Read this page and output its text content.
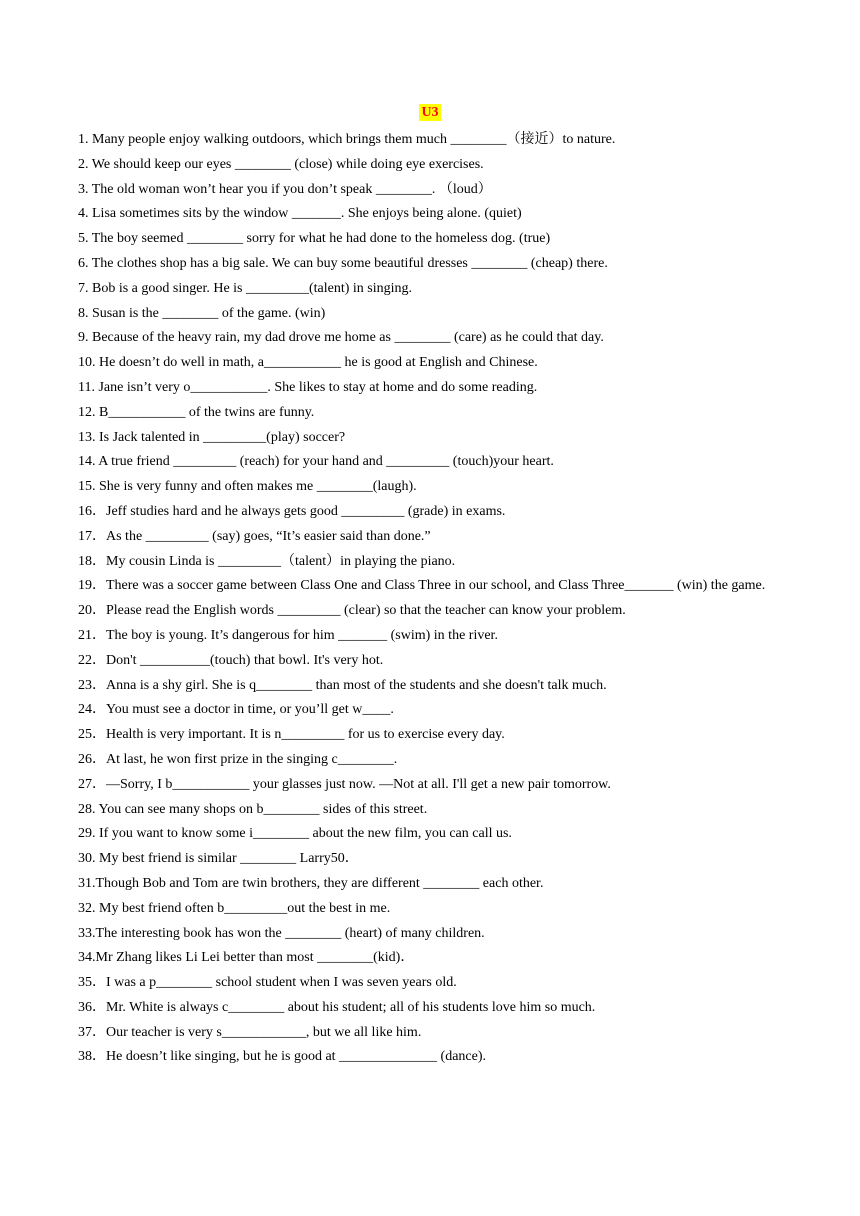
U3
1. Many people enjoy walking outdoors, which brings them much ________（接近）to nature.
2. We should keep our eyes ________ (close) while doing eye exercises.
3. The old woman won’t hear you if you don’t speak ________. （loud）
4. Lisa sometimes sits by the window _______. She enjoys being alone. (quiet)
5. The boy seemed ________ sorry for what he had done to the homeless dog. (true)
6. The clothes shop has a big sale. We can buy some beautiful dresses ________ (cheap) there.
7. Bob is a good singer. He is _________(talent) in singing.
8. Susan is the ________ of the game. (win)
9. Because of the heavy rain, my dad drove me home as ________ (care) as he could that day.
10. He doesn’t do well in math, a___________ he is good at English and Chinese.
11. Jane isn’t very o___________. She likes to stay at home and do some reading.
12. B___________ of the twins are funny.
13. Is Jack talented in _________(play) soccer?
14. A true friend _________ (reach) for your hand and _________ (touch)your heart.
15. She is very funny and often makes me ________(laugh).
16．Jeff studies hard and he always gets good _________ (grade) in exams.
17．As the _________ (say) goes, “It’s easier said than done.”
18．My cousin Linda is _________（talent）in playing the piano.
19．There was a soccer game between Class One and Class Three in our school, and Class Three_______ (win) the game.
20．Please read the English words _________ (clear) so that the teacher can know your problem.
21．The boy is young. It’s dangerous for him _______ (swim) in the river.
22．Don't __________(touch) that bowl. It's very hot.
23．Anna is a shy girl. She is q________ than most of the students and she doesn't talk much.
24．You must see a doctor in time, or you’ll get w____.
25．Health is very important. It is n_________ for us to exercise every day.
26．At last, he won first prize in the singing c________.
27．—Sorry, I b___________ your glasses just now. —Not at all. I'll get a new pair tomorrow.
28. You can see many shops on b________ sides of this street.
29. If you want to know some i________ about the new film, you can call us.
30. My best friend is similar ________ Larry50．
31.Though Bob and Tom are twin brothers, they are different ________ each other.
32. My best friend often b_________out the best in me.
33.The interesting book has won the ________ (heart) of many children.
34.Mr Zhang likes Li Lei better than most ________(kid)．
35．I was a p________ school student when I was seven years old.
36．Mr. White is always c________ about his student; all of his students love him so much.
37．Our teacher is very s____________, but we all like him.
38．He doesn’t like singing, but he is good at ______________ (dance).
